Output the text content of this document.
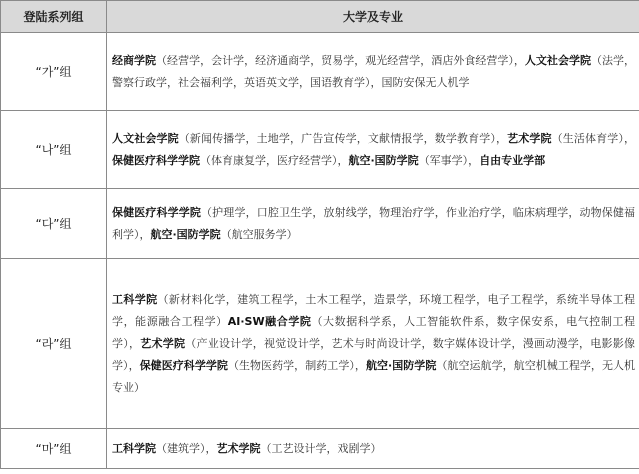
登陆系列组	大学及专业
“가”组	经商学院（经营学，会计学，经济通商学，贸易学，观光经营学，酒店外食经营学），人文社会学院（法学，警察行政学，社会福利学，英语英文学，国语教育学），国防安保无人机学
“나”组	人文社会学院（新闻传播学，土地学，广告宣传学，文献情报学，数学教育学），艺术学院（生活体育学），保健医疗科学学院（体育康复学，医疗经营学），航空·国防学院（军事学），自由专业学部
“다”组	保健医疗科学学院（护理学，口腔卫生学，放射线学，物理治疗学，作业治疗学，临床病理学，动物保健福利学），航空·国防学院（航空服务学）
“라”组	工科学院（新材料化学，建筑工程学，土木工程学，造景学，环境工程学，电子工程学，系统半导体工程学，能源融合工程学）AI·SW融合学院（大数据科学系，人工智能软件系，数字保安系，电气控制工程学），艺术学院（产业设计学，视觉设计学，艺术与时尚设计学，数字媒体设计学，漫画动漫学，电影影像学），保健医疗科学学院（生物医药学，制药工学），航空·国防学院（航空运航学，航空机械工程学，无人机专业）
“마”组	工科学院（建筑学），艺术学院（工艺设计学，戏剧学）
